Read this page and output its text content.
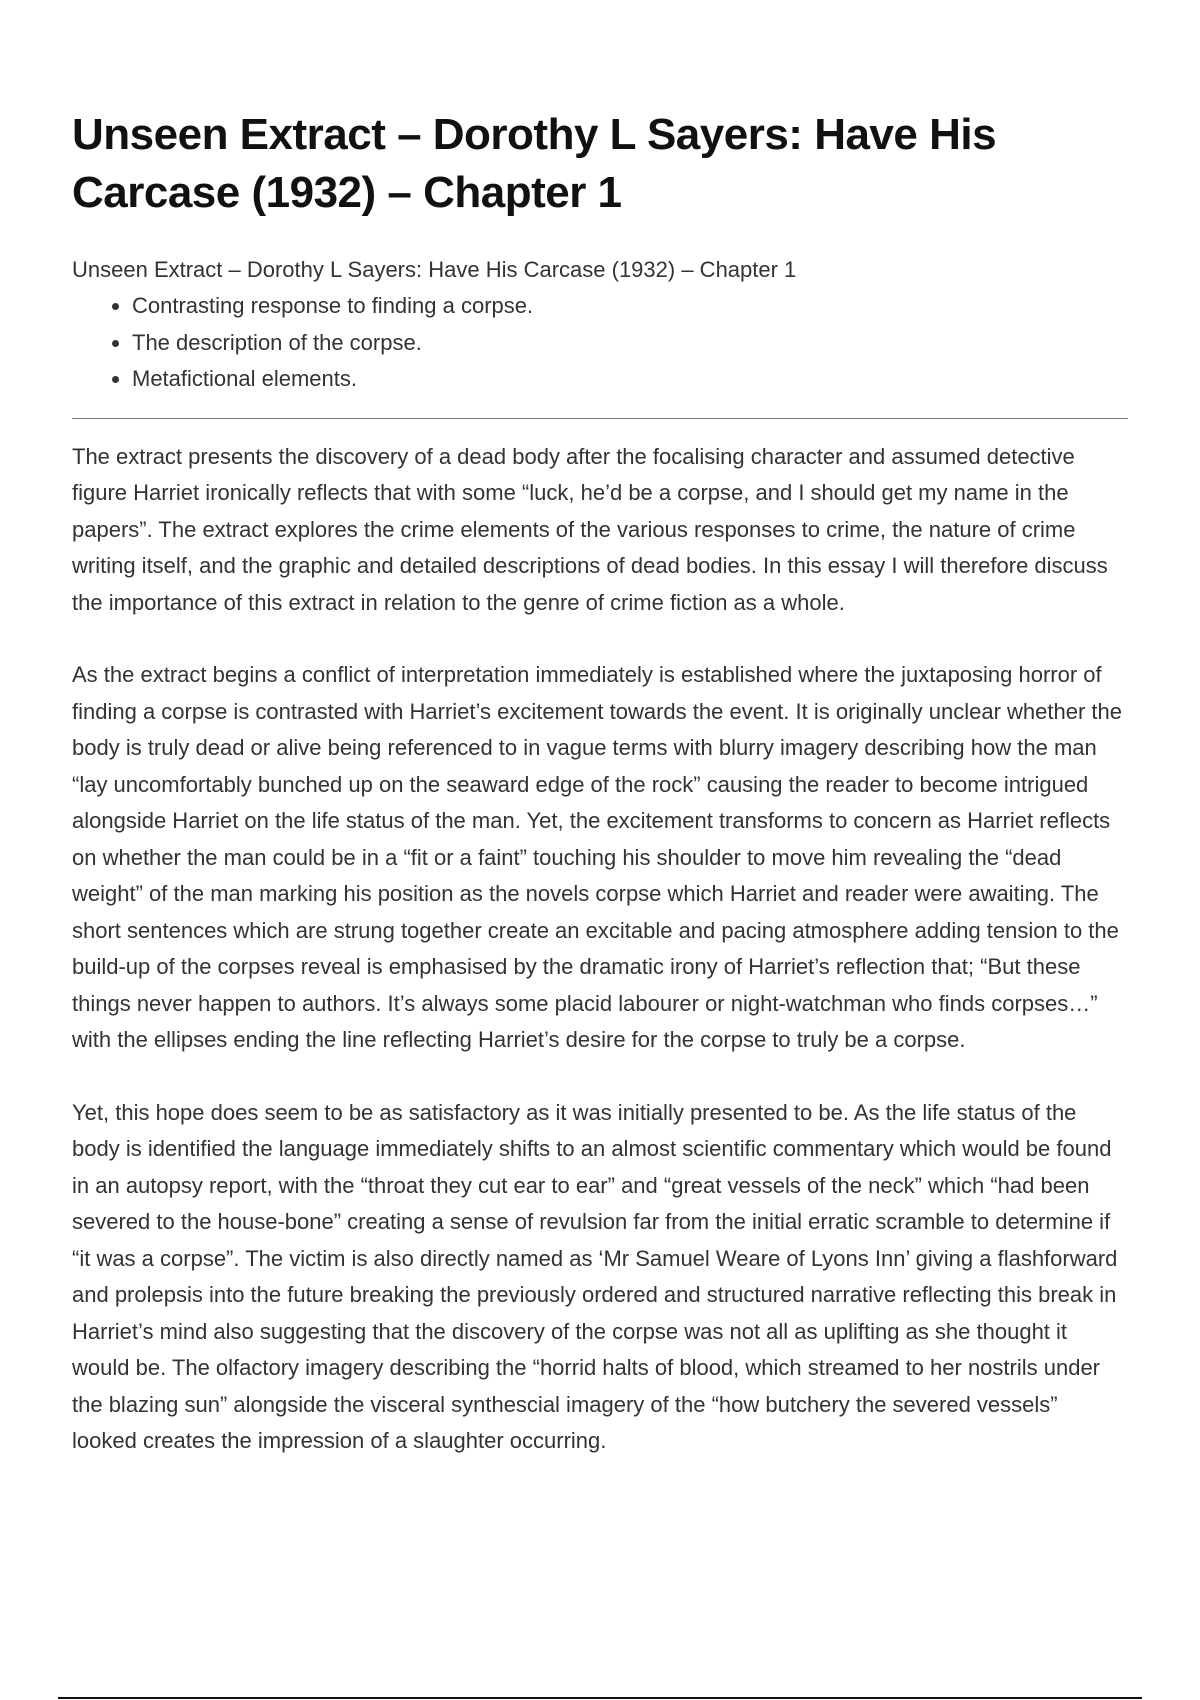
Unseen Extract – Dorothy L Sayers: Have His Carcase (1932) – Chapter 1

Unseen Extract – Dorothy L Sayers: Have His Carcase (1932) – Chapter 1

• Contrasting response to finding a corpse.
• The description of the corpse.
• Metafictional elements.

The extract presents the discovery of a dead body after the focalising character and assumed detective figure Harriet ironically reflects that with some “luck, he’d be a corpse, and I should get my name in the papers”. The extract explores the crime elements of the various responses to crime, the nature of crime writing itself, and the graphic and detailed descriptions of dead bodies. In this essay I will therefore discuss the importance of this extract in relation to the genre of crime fiction as a whole.

As the extract begins a conflict of interpretation immediately is established where the juxtaposing horror of finding a corpse is contrasted with Harriet’s excitement towards the event. It is originally unclear whether the body is truly dead or alive being referenced to in vague terms with blurry imagery describing how the man “lay uncomfortably bunched up on the seaward edge of the rock” causing the reader to become intrigued alongside Harriet on the life status of the man. Yet, the excitement transforms to concern as Harriet reflects on whether the man could be in a “fit or a faint” touching his shoulder to move him revealing the “dead weight” of the man marking his position as the novels corpse which Harriet and reader were awaiting. The short sentences which are strung together create an excitable and pacing atmosphere adding tension to the build-up of the corpses reveal is emphasised by the dramatic irony of Harriet’s reflection that; “But these things never happen to authors. It’s always some placid labourer or night-watchman who finds corpses…” with the ellipses ending the line reflecting Harriet’s desire for the corpse to truly be a corpse.

Yet, this hope does seem to be as satisfactory as it was initially presented to be. As the life status of the body is identified the language immediately shifts to an almost scientific commentary which would be found in an autopsy report, with the “throat they cut ear to ear” and “great vessels of the neck” which “had been severed to the house-bone” creating a sense of revulsion far from the initial erratic scramble to determine if “it was a corpse”. The victim is also directly named as ‘Mr Samuel Weare of Lyons Inn’ giving a flashforward and prolepsis into the future breaking the previously ordered and structured narrative reflecting this break in Harriet’s mind also suggesting that the discovery of the corpse was not all as uplifting as she thought it would be. The olfactory imagery describing the “horrid halts of blood, which streamed to her nostrils under the blazing sun” alongside the visceral synthescial imagery of the “how butchery the severed vessels” looked creates the impression of a slaughter occurring.
